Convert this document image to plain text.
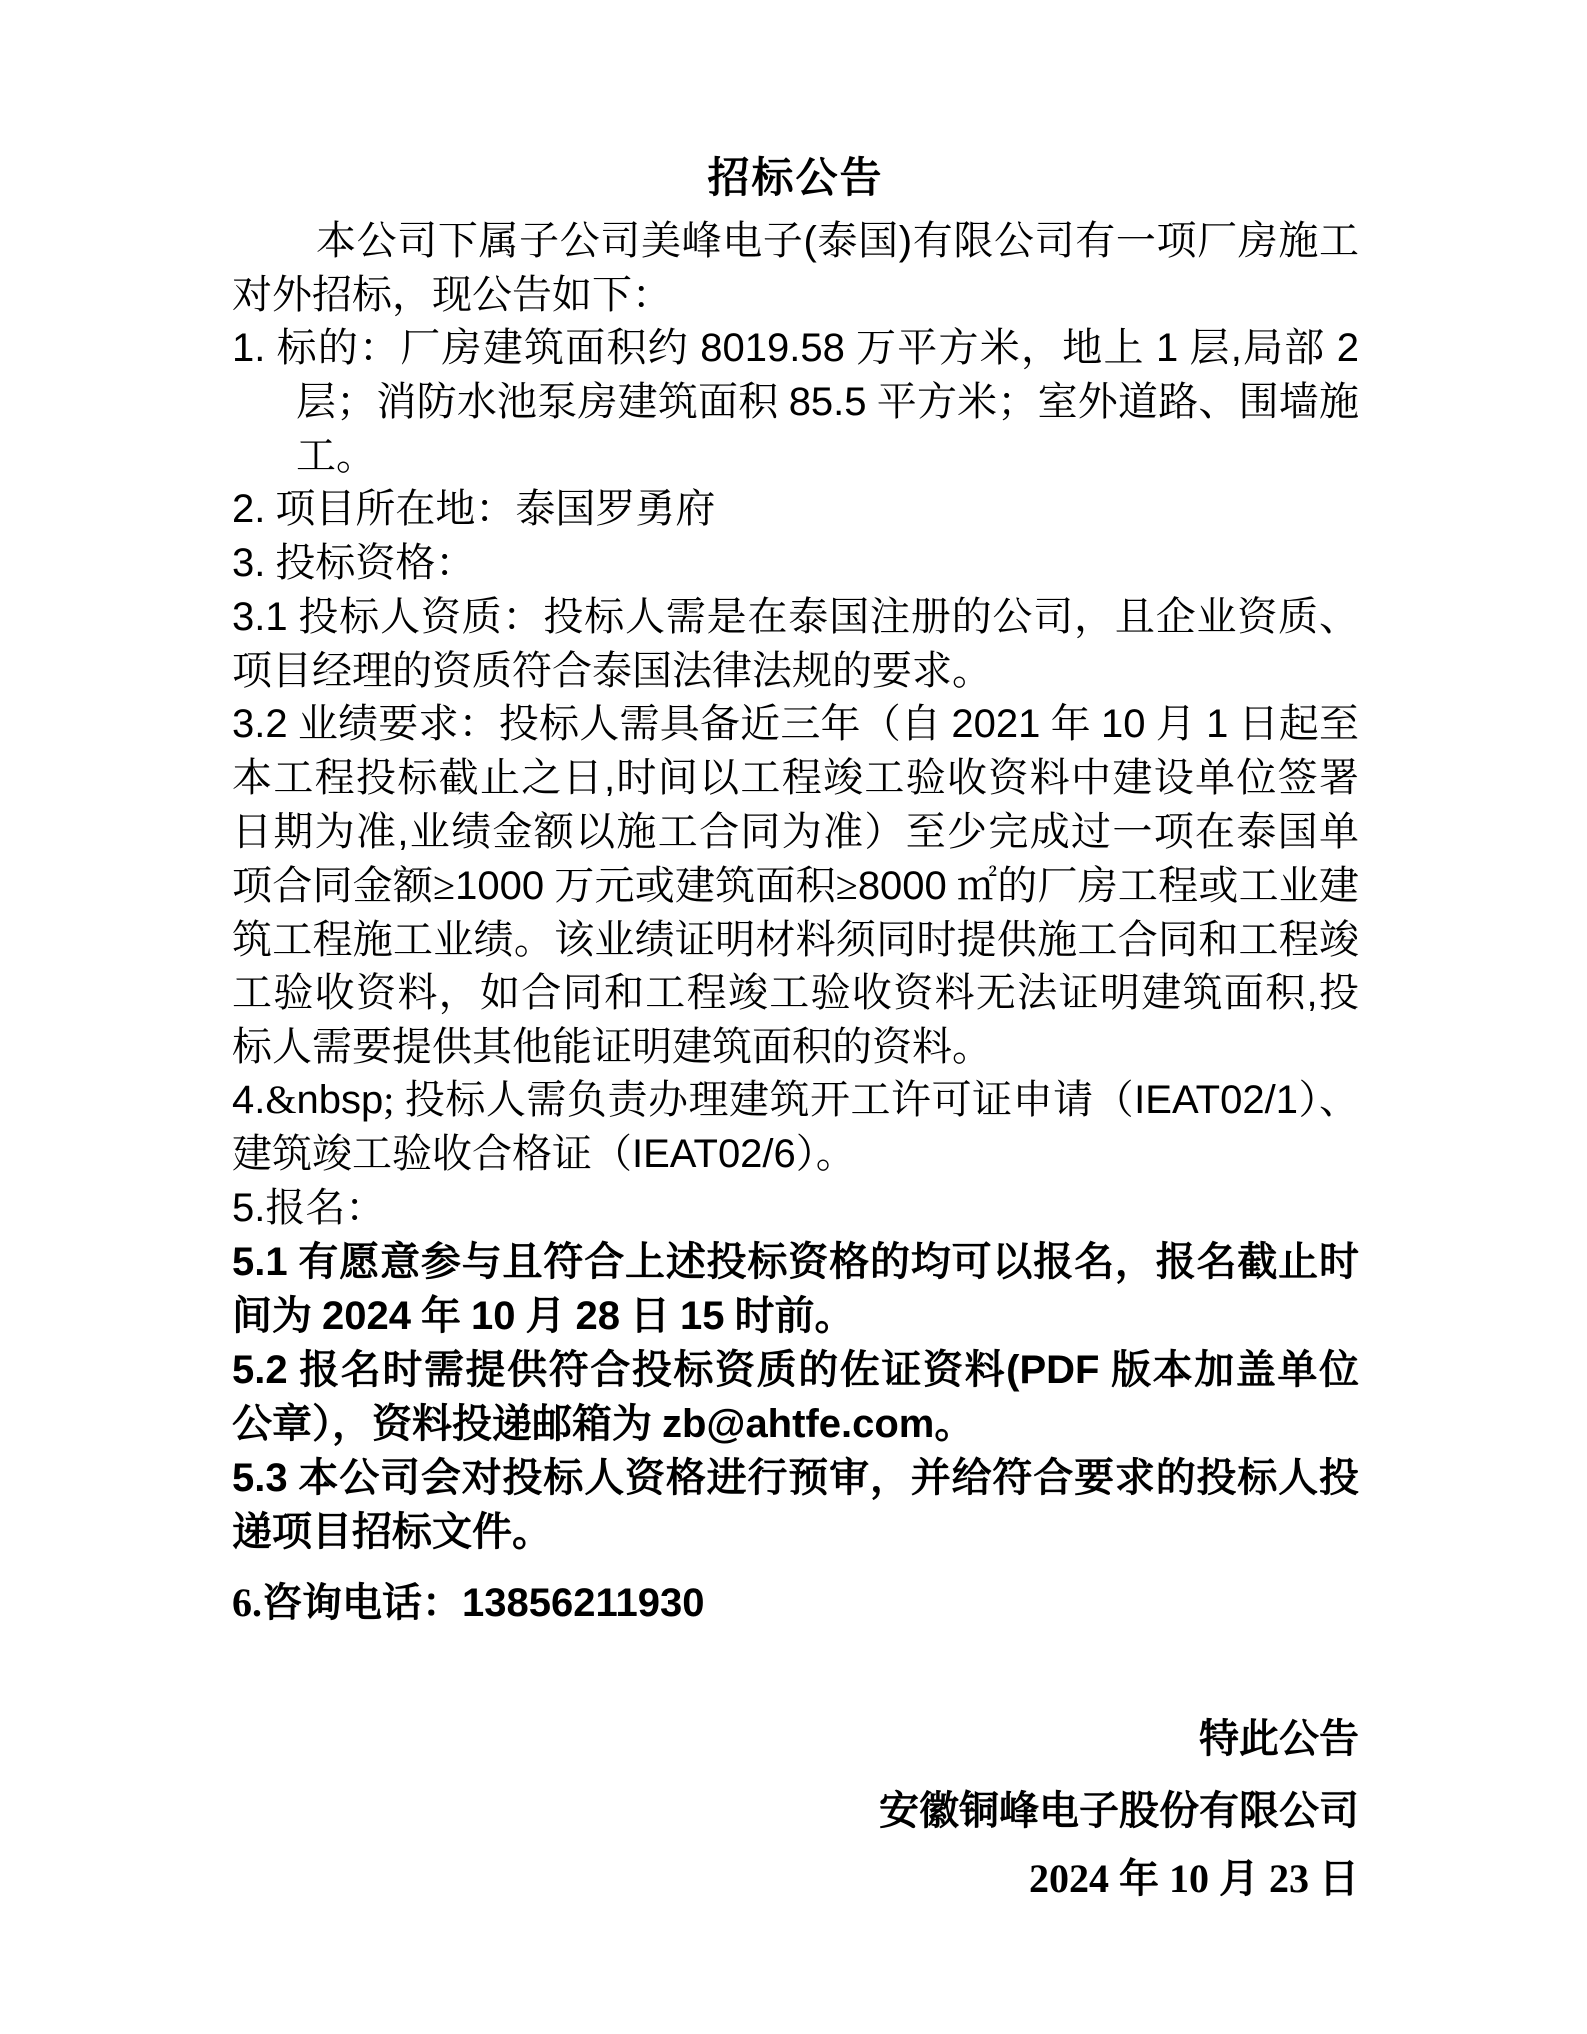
招标公告

本公司下属子公司美峰电子(泰国)有限公司有一项厂房施工对外招标，现公告如下：

1. 标的：厂房建筑面积约 8019.58 万平方米，地上 1 层,局部 2 层；消防水池泵房建筑面积 85.5 平方米；室外道路、围墙施工。

2. 项目所在地：泰国罗勇府

3. 投标资格：

3.1 投标人资质：投标人需是在泰国注册的公司，且企业资质、项目经理的资质符合泰国法律法规的要求。

3.2 业绩要求：投标人需具备近三年（自 2021 年 10 月 1 日起至本工程投标截止之日,时间以工程竣工验收资料中建设单位签署日期为准,业绩金额以施工合同为准）至少完成过一项在泰国单项合同金额≥1000 万元或建筑面积≥8000 ㎡的厂房工程或工业建筑工程施工业绩。该业绩证明材料须同时提供施工合同和工程竣工验收资料，如合同和工程竣工验收资料无法证明建筑面积,投标人需要提供其他能证明建筑面积的资料。

4.&nbsp; 投标人需负责办理建筑开工许可证申请（IEAT02/1）、建筑竣工验收合格证（IEAT02/6）。

5.报名：

5.1 有愿意参与且符合上述投标资格的均可以报名，报名截止时间为 2024 年 10 月 28 日 15 时前。

5.2 报名时需提供符合投标资质的佐证资料(PDF 版本加盖单位公章），资料投递邮箱为 zb@ahtfe.com。

5.3 本公司会对投标人资格进行预审，并给符合要求的投标人投递项目招标文件。

6.咨询电话：13856211930

特此公告

安徽铜峰电子股份有限公司

2024 年 10 月 23 日
